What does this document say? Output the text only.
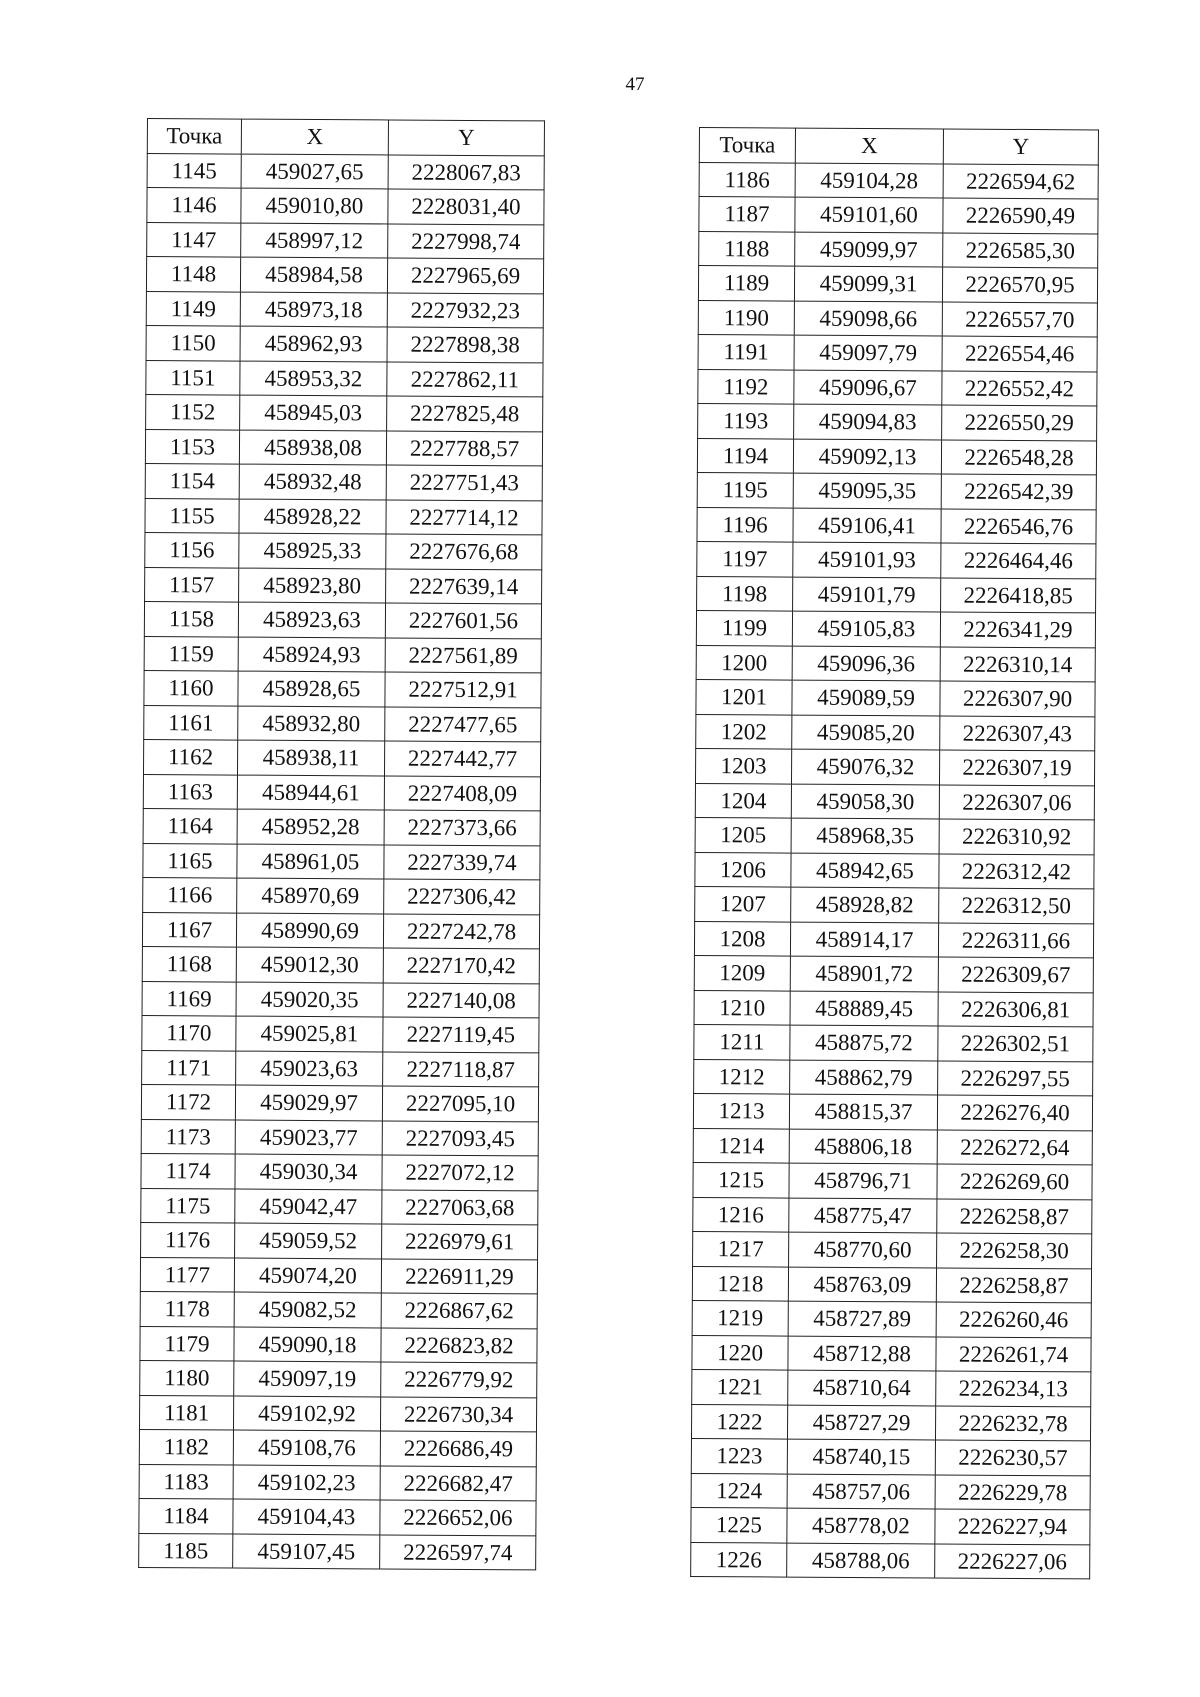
47
Точка	X	Y
1145	459027,65	2228067,83
1146	459010,80	2228031,40
1147	458997,12	2227998,74
1148	458984,58	2227965,69
1149	458973,18	2227932,23
1150	458962,93	2227898,38
1151	458953,32	2227862,11
1152	458945,03	2227825,48
1153	458938,08	2227788,57
1154	458932,48	2227751,43
1155	458928,22	2227714,12
1156	458925,33	2227676,68
1157	458923,80	2227639,14
1158	458923,63	2227601,56
1159	458924,93	2227561,89
1160	458928,65	2227512,91
1161	458932,80	2227477,65
1162	458938,11	2227442,77
1163	458944,61	2227408,09
1164	458952,28	2227373,66
1165	458961,05	2227339,74
1166	458970,69	2227306,42
1167	458990,69	2227242,78
1168	459012,30	2227170,42
1169	459020,35	2227140,08
1170	459025,81	2227119,45
1171	459023,63	2227118,87
1172	459029,97	2227095,10
1173	459023,77	2227093,45
1174	459030,34	2227072,12
1175	459042,47	2227063,68
1176	459059,52	2226979,61
1177	459074,20	2226911,29
1178	459082,52	2226867,62
1179	459090,18	2226823,82
1180	459097,19	2226779,92
1181	459102,92	2226730,34
1182	459108,76	2226686,49
1183	459102,23	2226682,47
1184	459104,43	2226652,06
1185	459107,45	2226597,74
Точка	X	Y
1186	459104,28	2226594,62
1187	459101,60	2226590,49
1188	459099,97	2226585,30
1189	459099,31	2226570,95
1190	459098,66	2226557,70
1191	459097,79	2226554,46
1192	459096,67	2226552,42
1193	459094,83	2226550,29
1194	459092,13	2226548,28
1195	459095,35	2226542,39
1196	459106,41	2226546,76
1197	459101,93	2226464,46
1198	459101,79	2226418,85
1199	459105,83	2226341,29
1200	459096,36	2226310,14
1201	459089,59	2226307,90
1202	459085,20	2226307,43
1203	459076,32	2226307,19
1204	459058,30	2226307,06
1205	458968,35	2226310,92
1206	458942,65	2226312,42
1207	458928,82	2226312,50
1208	458914,17	2226311,66
1209	458901,72	2226309,67
1210	458889,45	2226306,81
1211	458875,72	2226302,51
1212	458862,79	2226297,55
1213	458815,37	2226276,40
1214	458806,18	2226272,64
1215	458796,71	2226269,60
1216	458775,47	2226258,87
1217	458770,60	2226258,30
1218	458763,09	2226258,87
1219	458727,89	2226260,46
1220	458712,88	2226261,74
1221	458710,64	2226234,13
1222	458727,29	2226232,78
1223	458740,15	2226230,57
1224	458757,06	2226229,78
1225	458778,02	2226227,94
1226	458788,06	2226227,06
